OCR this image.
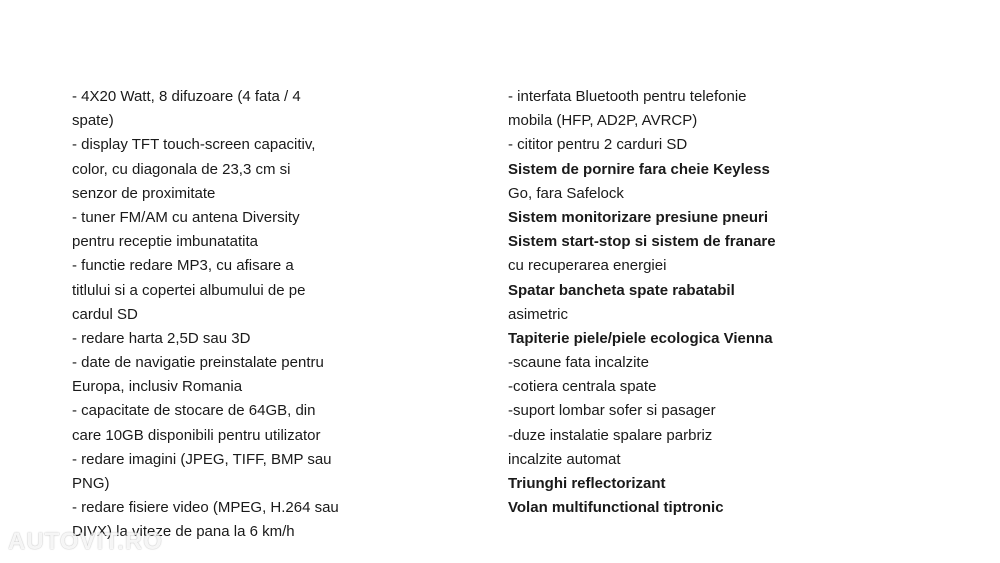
- 4X20 Watt, 8 difuzoare (4 fata / 4
spate)
- display TFT touch-screen capacitiv,
color, cu diagonala de 23,3 cm si
senzor de proximitate
- tuner FM/AM cu antena Diversity
pentru receptie imbunatatita
- functie redare MP3, cu afisare a
titlului si a copertei albumului de pe
cardul SD
- redare harta 2,5D sau 3D
- date de navigatie preinstalate pentru
Europa, inclusiv Romania
- capacitate de stocare de 64GB, din
care 10GB disponibili pentru utilizator
- redare imagini (JPEG, TIFF, BMP sau
PNG)
- redare fisiere video (MPEG, H.264 sau
DIVX) la viteze de pana la 6 km/h
- interfata Bluetooth pentru telefonie
mobila (HFP, AD2P, AVRCP)
- cititor pentru 2 carduri SD
Sistem de pornire fara cheie Keyless
Go, fara Safelock
Sistem monitorizare presiune pneuri
Sistem start-stop si sistem de franare
cu recuperarea energiei
Spatar bancheta spate rabatabil
asimetric
Tapiterie piele/piele ecologica Vienna
-scaune fata incalzite
-cotiera centrala spate
-suport lombar sofer si pasager
-duze instalatie spalare parbriz
incalzite automat
Triunghi reflectorizant
Volan multifunctional tiptronic
AUTOVIT.RO
